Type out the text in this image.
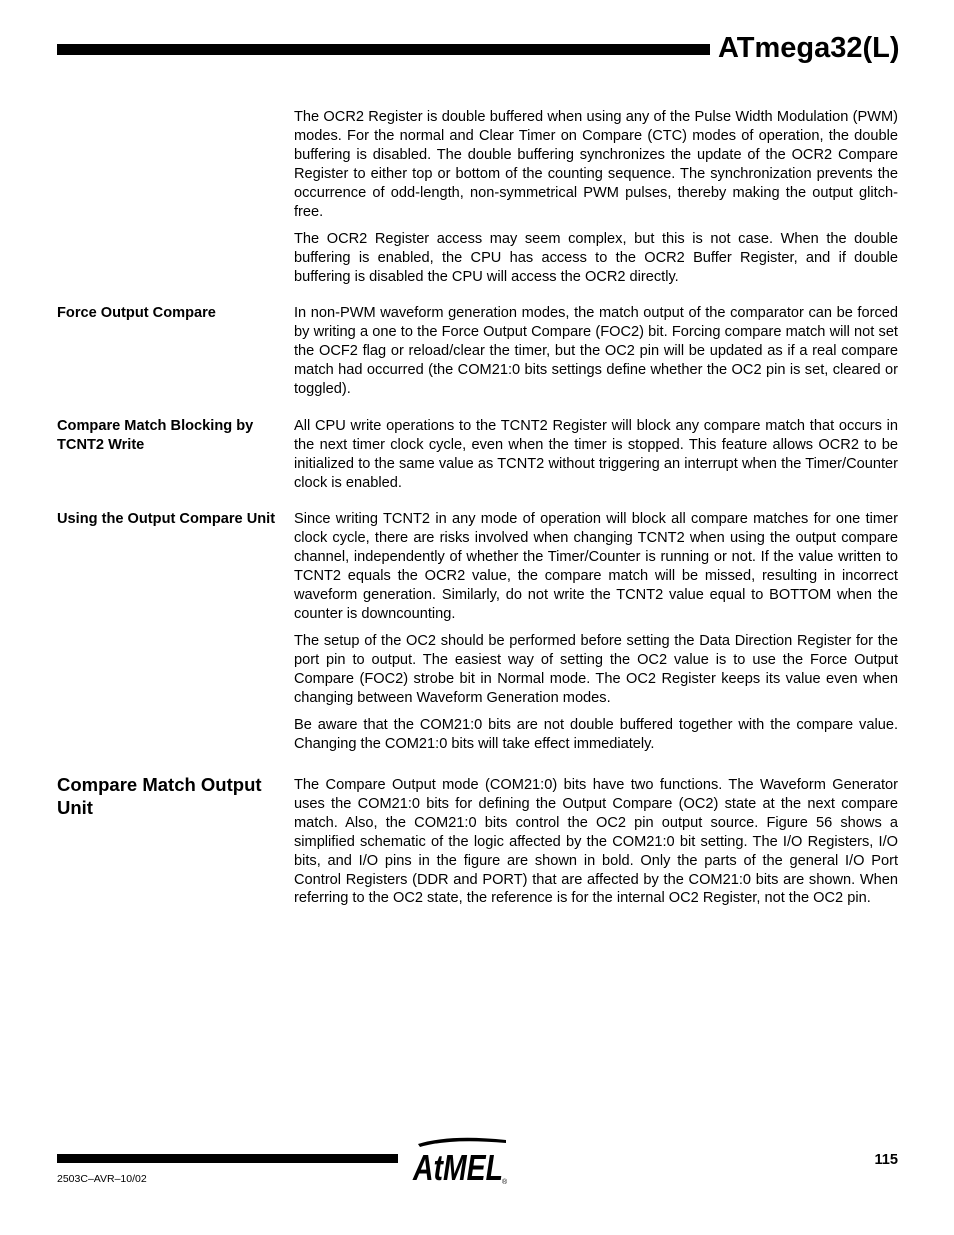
ATmega32(L)

The OCR2 Register is double buffered when using any of the Pulse Width Modulation (PWM) modes. For the normal and Clear Timer on Compare (CTC) modes of operation, the double buffering is disabled. The double buffering synchronizes the update of the OCR2 Compare Register to either top or bottom of the counting sequence. The synchronization prevents the occurrence of odd-length, non-symmetrical PWM pulses, thereby making the output glitch-free.

The OCR2 Register access may seem complex, but this is not case. When the double buffering is enabled, the CPU has access to the OCR2 Buffer Register, and if double buffering is disabled the CPU will access the OCR2 directly.

Force Output Compare	In non-PWM waveform generation modes, the match output of the comparator can be forced by writing a one to the Force Output Compare (FOC2) bit. Forcing compare match will not set the OCF2 flag or reload/clear the timer, but the OC2 pin will be updated as if a real compare match had occurred (the COM21:0 bits settings define whether the OC2 pin is set, cleared or toggled).

Compare Match Blocking by TCNT2 Write

All CPU write operations to the TCNT2 Register will block any compare match that occurs in the next timer clock cycle, even when the timer is stopped. This feature allows OCR2 to be initialized to the same value as TCNT2 without triggering an interrupt when the Timer/Counter clock is enabled.

Using the Output Compare Unit Since writing TCNT2 in any mode of operation will block all compare matches for one timer clock cycle, there are risks involved when changing TCNT2 when using the output compare channel, independently of whether the Timer/Counter is running or not. If the value written to TCNT2 equals the OCR2 value, the compare match will be missed, resulting in incorrect waveform generation. Similarly, do not write the TCNT2 value equal to BOTTOM when the counter is downcounting.

The setup of the OC2 should be performed before setting the Data Direction Register for the port pin to output. The easiest way of setting the OC2 value is to use the Force Output Compare (FOC2) strobe bit in Normal mode. The OC2 Register keeps its value even when changing between Waveform Generation modes.

Be aware that the COM21:0 bits are not double buffered together with the compare value. Changing the COM21:0 bits will take effect immediately.

Compare Match Output Unit

The Compare Output mode (COM21:0) bits have two functions. The Waveform Generator uses the COM21:0 bits for defining the Output Compare (OC2) state at the next compare match. Also, the COM21:0 bits control the OC2 pin output source. Figure 56 shows a simplified schematic of the logic affected by the COM21:0 bit setting. The I/O Registers, I/O bits, and I/O pins in the figure are shown in bold. Only the parts of the general I/O Port Control Registers (DDR and PORT) that are affected by the COM21:0 bits are shown. When referring to the OC2 state, the reference is for the internal OC2 Register, not the OC2 pin.

2503C–AVR–10/02	AtMEL ®
115
